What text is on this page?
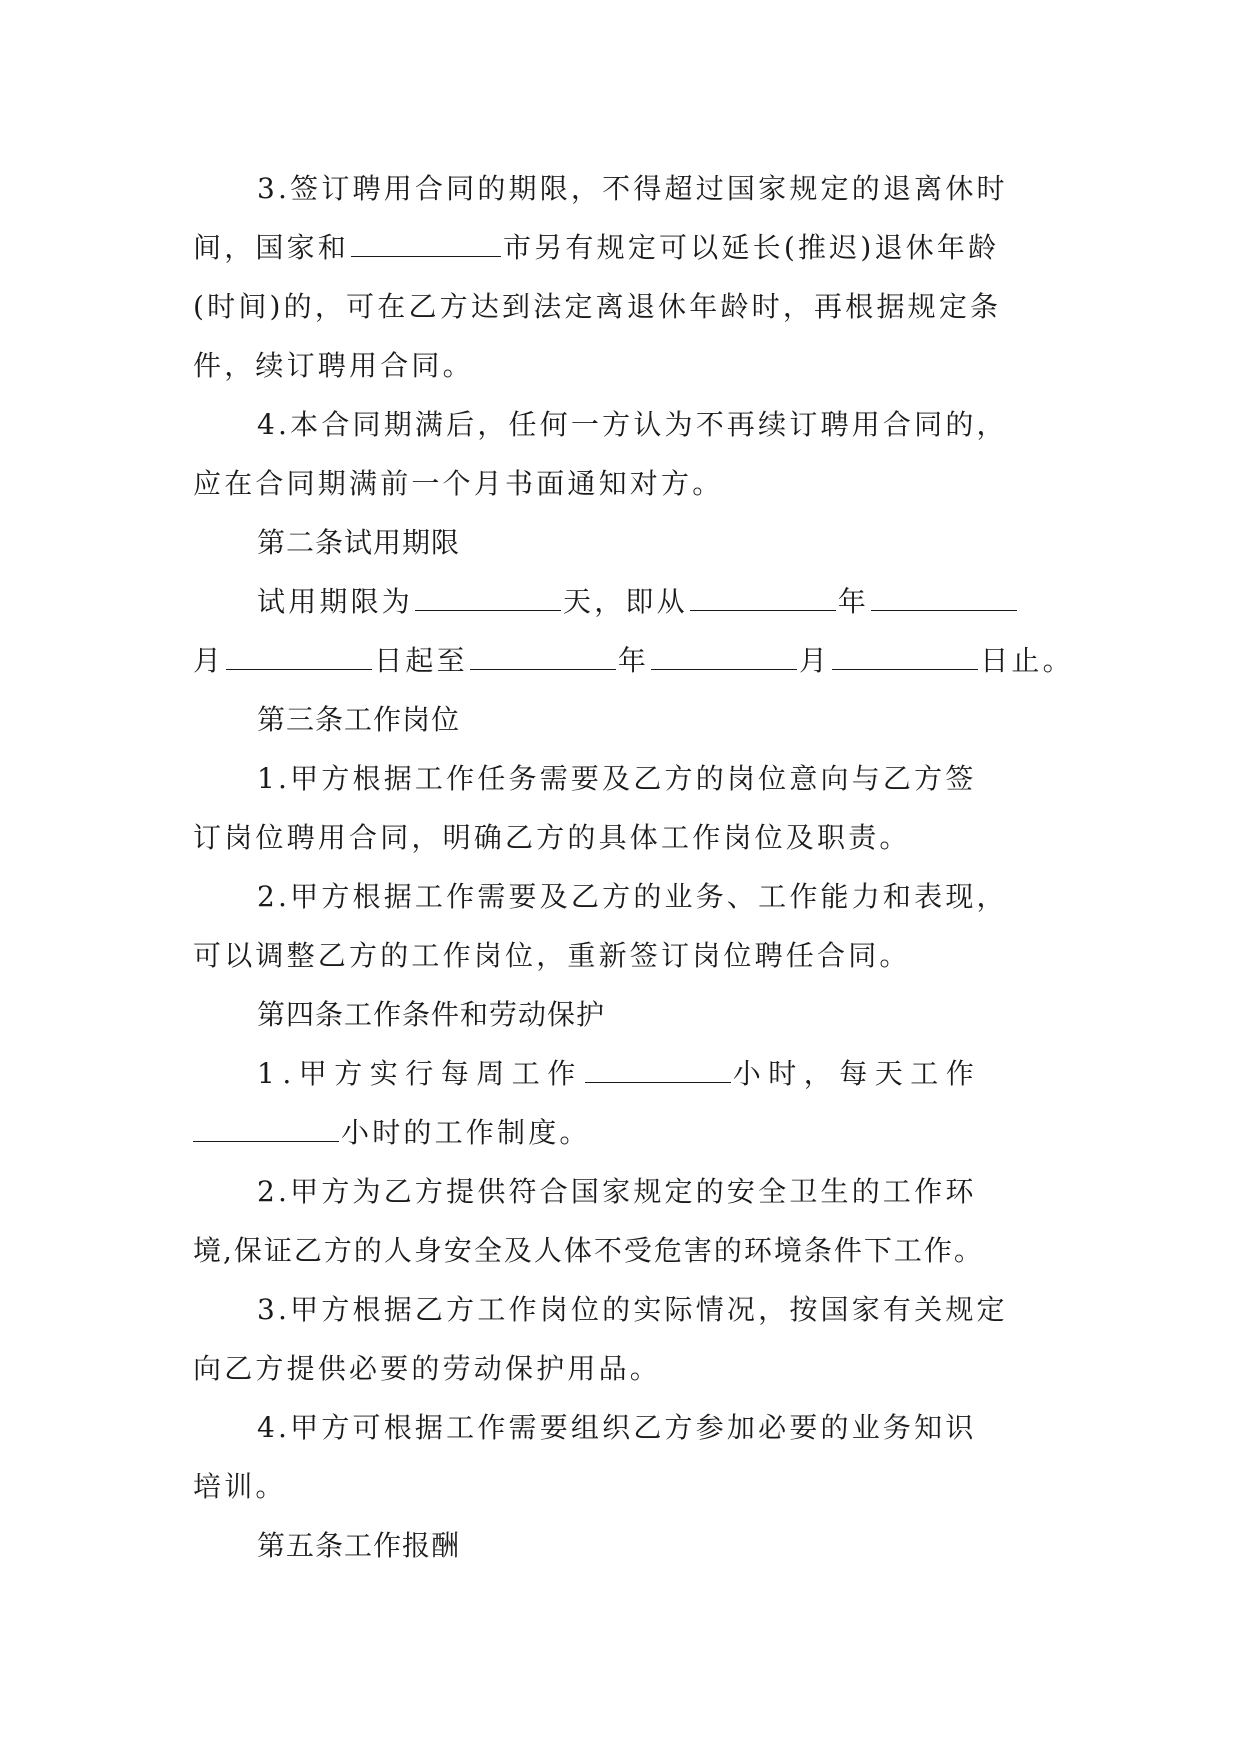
3.签订聘用合同的期限，不得超过国家规定的退离休时
间，国家和	市另有规定可以延长(推迟)退休年龄
(时间)的，可在乙方达到法定离退休年龄时，再根据规定条
件，续订聘用合同。
4.本合同期满后，任何一方认为不再续订聘用合同的，
应在合同期满前一个月书面通知对方。
第二条试用期限
试用期限为	天，即从	年
月	日起至	年	月	日止。
第三条工作岗位
1.甲方根据工作任务需要及乙方的岗位意向与乙方签
订岗位聘用合同，明确乙方的具体工作岗位及职责。
2.甲方根据工作需要及乙方的业务、工作能力和表现，
可以调整乙方的工作岗位，重新签订岗位聘任合同。
第四条工作条件和劳动保护
1.甲方实行每周工作	小时，每天工作
小时的工作制度。
2.甲方为乙方提供符合国家规定的安全卫生的工作环
境,保证乙方的人身安全及人体不受危害的环境条件下工作。
3.甲方根据乙方工作岗位的实际情况，按国家有关规定
向乙方提供必要的劳动保护用品。
4.甲方可根据工作需要组织乙方参加必要的业务知识
培训。
第五条工作报酬
